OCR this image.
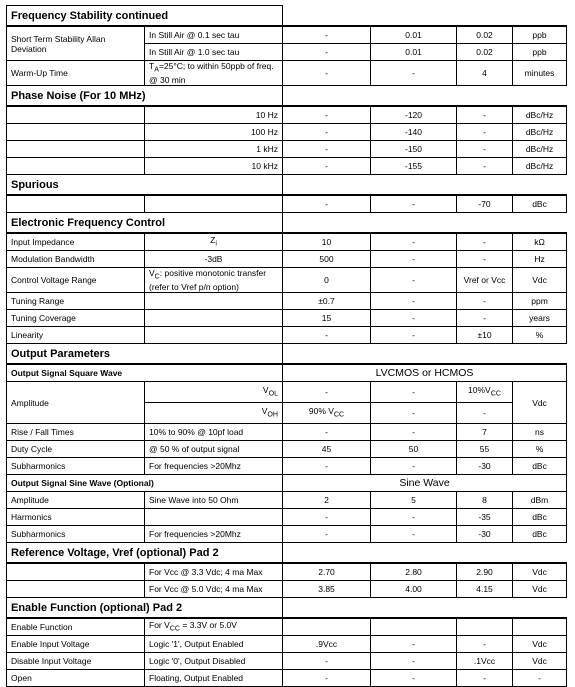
Frequency Stability continued					
Short Term Stability Allan Deviation	In Still Air @ 0.1 sec tau	-	0.01	0.02	ppb
	In Still Air @ 1.0 sec tau	-	0.01	0.02	ppb
Warm-Up Time	$T_A=25^\circ C$; to within 50ppb of freq. @ 30 min	-	-	4	minutes
Phase Noise (For 10 MHz)					
	10 Hz	-	-120	-	dBc/Hz
	100 Hz	-	-140	-	dBc/Hz
	1 kHz	-	-150	-	dBc/Hz
	10 kHz	-	-155	-	dBc/Hz
Spurious					
		-	-	-70	dBc
Electronic Frequency Control					
Input Impedance	$Z_i$	10	-	-	kΩ
Modulation Bandwidth	-3dB	500	-	-	Hz
Control Voltage Range	$V_C$: positive monotonic transfer (refer to Vref p/n option)	0	-	Vref or Vcc	Vdc
Tuning Range		±0.7	-	-	ppm
Tuning Coverage		15	-	-	years
Linearity		-	-	±10	%
Output Parameters					
Output Signal Square Wave		LVCMOS or HCMOS			
Amplitude	$V_{OL}$	-	-	$10\%V_{CC}$	Vdc
	$V_{OH}$	90% $V_{CC}$	-	-	
Rise / Fall Times	10% to 90% @ 10pf load	-	-	7	ns
Duty Cycle	@ 50 % of output signal	45	50	55	%
Subharmonics	For frequencies >20Mhz	-	-	-30	dBc
Output Signal Sine Wave (Optional)		Sine Wave			
Amplitude	Sine Wave into 50 Ohm	2	5	8	dBm
Harmonics		-	-	-35	dBc
Subharmonics	For frequencies >20Mhz	-	-	-30	dBc
Reference Voltage, Vref (optional) Pad 2					
	For Vcc @ 3.3 Vdc; 4 ma Max	2.70	2.80	2.90	Vdc
	For Vcc @ 5.0 Vdc; 4 ma Max	3.85	4.00	4.15	Vdc
Enable Function (optional) Pad 2					
Enable Function	For $V_{CC} = 3.3V$ or 5.0V				
Enable Input Voltage	Logic '1', Output Enabled	.9Vcc	-	-	Vdc
Disable Input Voltage	Logic '0', Output Disabled	-	-	.1Vcc	Vdc
Open	Floating, Output Enabled	-	-	-	-
